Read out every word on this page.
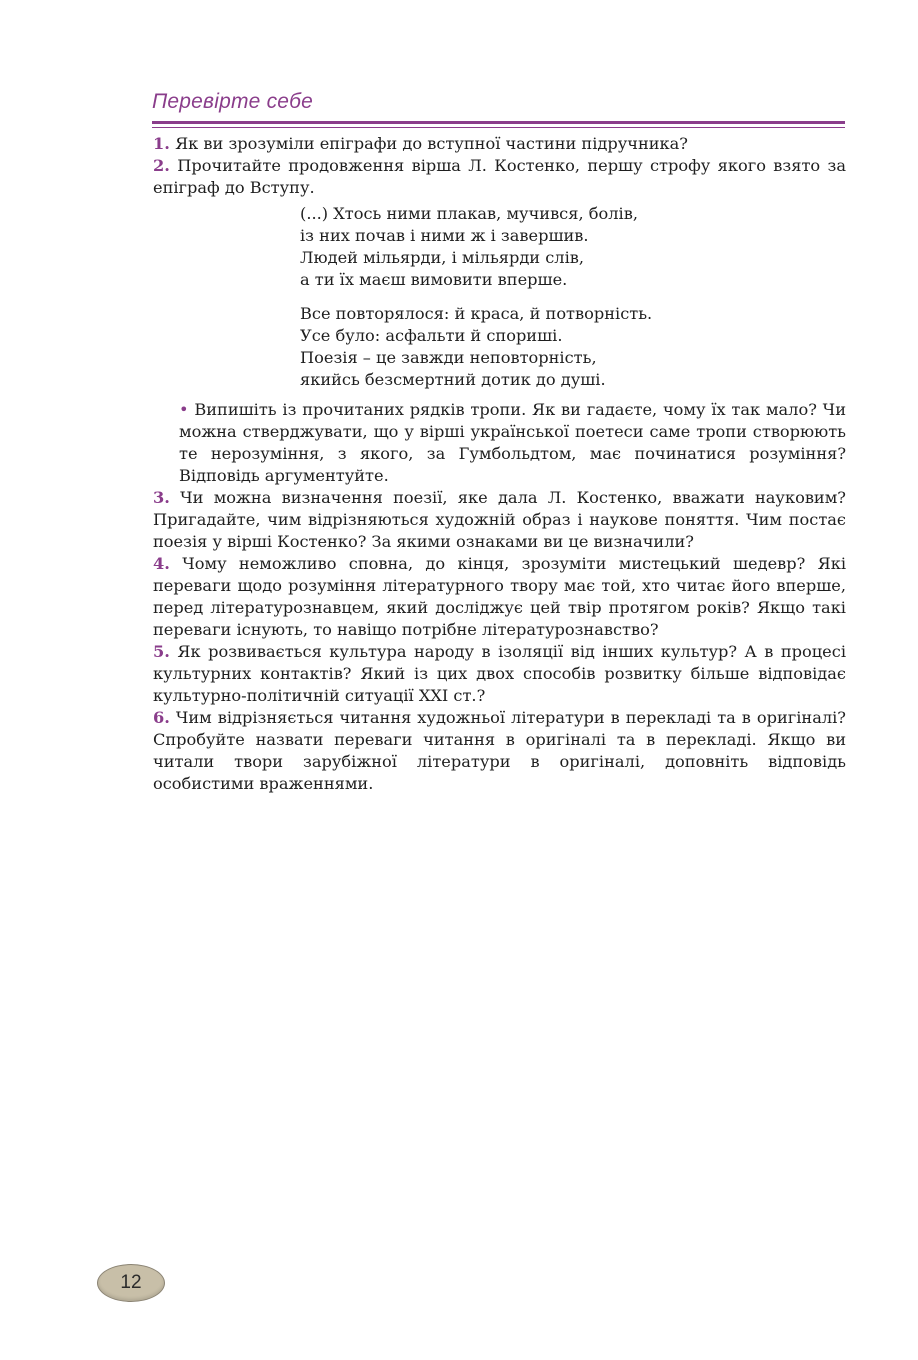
Перевірте себе

1. Як ви зрозуміли епіграфи до вступної частини підручника?

2. Прочитайте продовження вірша Л. Костенко, першу строфу якого взято за епіграф до Вступу.

(...) Хтось ними плакав, мучився, болів,
із них почав і ними ж і завершив.
Людей мільярди, і мільярди слів,
а ти їх маєш вимовити вперше.
Все повторялося: й краса, й потворність.
Усе було: асфальти й спориші.
Поезія – це завжди неповторність,
якийсь безсмертний дотик до душі.

• Випишіть із прочитаних рядків тропи. Як ви гадаєте, чому їх так мало? Чи можна стверджувати, що у вірші української поетеси саме тропи створюють те нерозуміння, з якого, за Гумбольдтом, має починатися розуміння? Відповідь аргументуйте.

3. Чи можна визначення поезії, яке дала Л. Костенко, вважати науковим? Пригадайте, чим відрізняються художній образ і наукове поняття. Чим постає поезія у вірші Костенко? За якими ознаками ви це визначили?

4. Чому неможливо сповна, до кінця, зрозуміти мистецький шедевр? Які переваги щодо розуміння літературного твору має той, хто читає його вперше, перед літературознавцем, який досліджує цей твір протягом років? Якщо такі переваги існують, то навіщо потрібне літературознавство?

5. Як розвивається культура народу в ізоляції від інших культур? А в процесі культурних контактів? Який із цих двох способів розвитку більше відповідає культурно-політичній ситуації XXI ст.?

6. Чим відрізняється читання художньої літератури в перекладі та в оригіналі? Спробуйте назвати переваги читання в оригіналі та в перекладі. Якщо ви читали твори зарубіжної літератури в оригіналі, доповніть відповідь особистими враженнями.

12
